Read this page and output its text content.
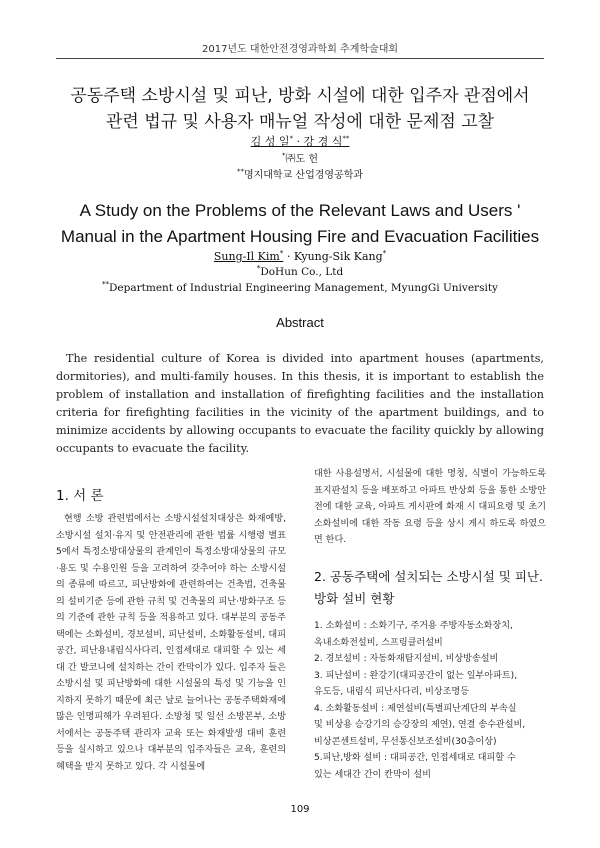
2017년도 대한안전경영과학회 추계학술대회
공동주택 소방시설 및 피난, 방화 시설에 대한 입주자 관점에서
관련 법규 및 사용자 매뉴얼 작성에 대한 문제점 고찰
김 성 일* · 강 경 식**
*㈜도 헌
**명지대학교 산업경영공학과
A Study on the Problems of the Relevant Laws and Users '
Manual in the Apartment Housing Fire and Evacuation Facilities
Sung-Il Kim* · Kyung-Sik Kang*
*DoHun Co., Ltd
**Department of Industrial Engineering Management, MyungGi University
Abstract
The residential culture of Korea is divided into apartment houses (apartments, dormitories), and multi-family houses. In this thesis, it is important to establish the problem of installation and installation of firefighting facilities and the installation criteria for firefighting facilities in the vicinity of the apartment buildings, and to minimize accidents by allowing occupants to evacuate the facility quickly by allowing occupants to evacuate the facility.
1. 서 론
현행 소방 관련법에서는 소방시설설치대상은 화재예방, 소방시설 설치·유지 및 안전관리에 관한 법률 시행령 별표5에서 특정소방대상물의 관계인이 특정소방대상물의 규모·용도 및 수용인원 등을 고려하여 갖추어야 하는 소방시설의 종류에 따르고, 피난방화에 관련하여는 건축법, 건축물의 설비기준 등에 관한 규칙 및 건축물의 피난·방화구조 등의 기준에 관한 규칙 등을 적용하고 있다. 대부분의 공동주택에는 소화설비, 경보설비, 피난설비, 소화활동설비, 대피공간, 피난용내림식사다리, 인접세대로 대피할 수 있는 세대 간 발코니에 설치하는 간이 칸막이가 있다. 입주자 들은 소방시설 및 피난방화에 대한 시설물의 특성 및 기능을 인지하지 못하기 때문에 최근 날로 늘어나는 공동주택화재에 많은 인명피해가 우려된다. 소방청 및 일선 소방본부, 소방서에서는 공동주택 관리자 교육 또는 화재발생 대비 훈련 등을 실시하고 있으나 대부분의 입주자들은 교육, 훈련의 혜택을 받지 못하고 있다. 각 시설물에
대한 사용설명서, 시설물에 대한 명칭, 식별이 가능하도록 표지판설치 등을 배포하고 아파트 반상회 등을 통한 소방안전에 대한 교육, 아파트 게시판에 화재 시 대피요령 및 초기소화설비에 대한 작동 요령 등을 상시 게시 하도록 하였으면 한다.
2. 공동주택에 설치되는 소방시설 및 피난.방화 설비 현황
1. 소화설비 : 소화기구, 주거용 주방자동소화장치,
옥내소화전설비, 스프링클러설비
2. 경보설비 : 자동화재탐지설비, 비상방송설비
3. 피난설비 : 완강기(대피공간이 없는 일부아파트),
유도등, 내림식 피난사다리, 비상조명등
4. 소화활동설비 : 제연설비(특별피난계단의 부속실
및 비상용 승강기의 승강장의 제연), 연결 송수관설비,
비상콘센트설비, 무선통신보조설비(30층이상)
5.피난,방화 설비 : 대피공간, 인접세대로 대피할 수
있는 세대간 간이 칸막이 설비
109
